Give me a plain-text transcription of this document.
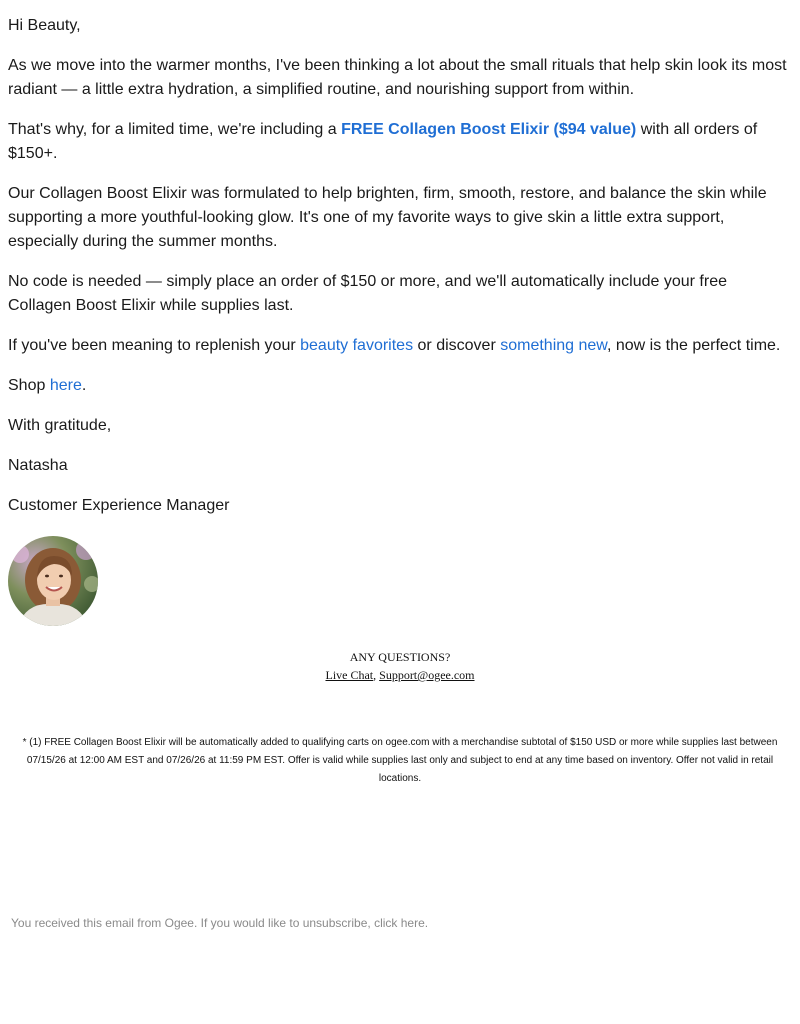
Hi Beauty,

As we move into the warmer months, I've been thinking a lot about the small rituals that help skin look its most radiant — a little extra hydration, a simplified routine, and nourishing support from within.

That's why, for a limited time, we're including a FREE Collagen Boost Elixir ($94 value) with all orders of $150+.

Our Collagen Boost Elixir was formulated to help brighten, firm, smooth, restore, and balance the skin while supporting a more youthful-looking glow. It's one of my favorite ways to give skin a little extra support, especially during the summer months.

No code is needed — simply place an order of $150 or more, and we'll automatically include your free Collagen Boost Elixir while supplies last.

If you've been meaning to replenish your beauty favorites or discover something new, now is the perfect time.

Shop here.

With gratitude,

Natasha

Customer Experience Manager

ANY QUESTIONS?
Live Chat, Support@ogee.com
* (1) FREE Collagen Boost Elixir will be automatically added to qualifying carts on ogee.com with a merchandise subtotal of $150 USD or more while supplies last between 07/15/26 at 12:00 AM EST and 07/26/26 at 11:59 PM EST. Offer is valid while supplies last only and subject to end at any time based on inventory. Offer not valid in retail locations.
You received this email from Ogee. If you would like to unsubscribe, click here.
